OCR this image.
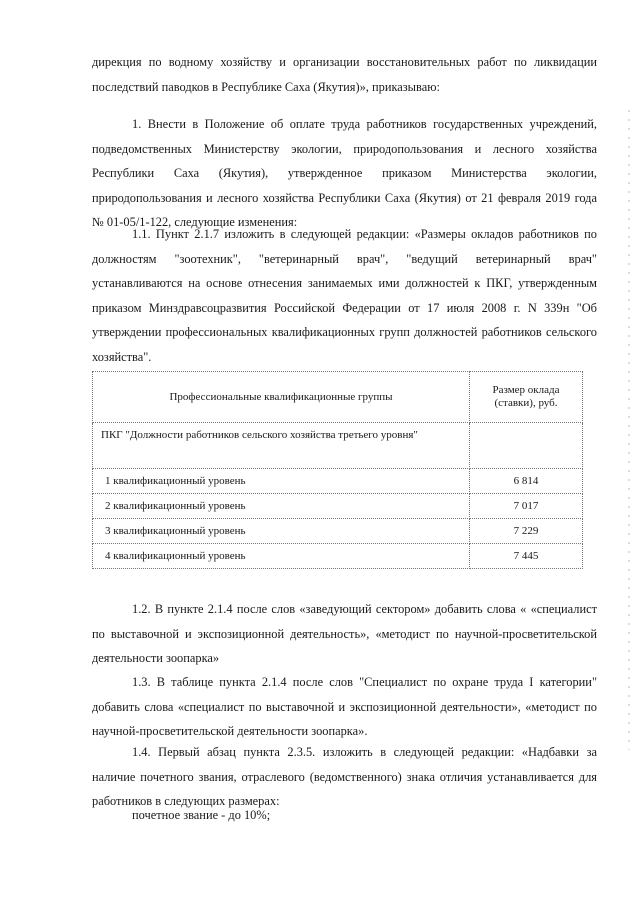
дирекция по водному хозяйству и организации восстановительных работ по ликвидации последствий паводков в Республике Саха (Якутия)», приказываю:

1. Внести в Положение об оплате труда работников государственных учреждений, подведомственных Министерству экологии, природопользования и лесного хозяйства Республики Саха (Якутия), утвержденное приказом Министерства экологии, природопользования и лесного хозяйства Республики Саха (Якутия) от 21 февраля 2019 года № 01-05/1-122, следующие изменения:

1.1. Пункт 2.1.7 изложить в следующей редакции: «Размеры окладов работников по должностям "зоотехник", "ветеринарный врач", "ведущий ветеринарный врач" устанавливаются на основе отнесения занимаемых ими должностей к ПКГ, утвержденным приказом Минздравсоцразвития Российской Федерации от 17 июля 2008 г. N 339н "Об утверждении профессиональных квалификационных групп должностей работников сельского хозяйства".

Профессиональные квалификационные группы	Размер оклада (ставки), руб.
ПКГ "Должности работников сельского хозяйства третьего уровня"	
1 квалификационный уровень	6 814
2 квалификационный уровень	7 017
3 квалификационный уровень	7 229
4 квалификационный уровень	7 445

1.2. В пункте 2.1.4 после слов «заведующий сектором» добавить слова « «специалист по выставочной и экспозиционной деятельность», «методист по научной-просветительской деятельности зоопарка»

1.3. В таблице пункта 2.1.4 после слов "Специалист по охране труда I категории" добавить слова «специалист по выставочной и экспозиционной деятельности», «методист по научной-просветительской деятельности зоопарка».

1.4. Первый абзац пункта 2.3.5. изложить в следующей редакции: «Надбавки за наличие почетного звания, отраслевого (ведомственного) знака отличия устанавливается для работников в следующих размерах:

почетное звание - до 10%;
